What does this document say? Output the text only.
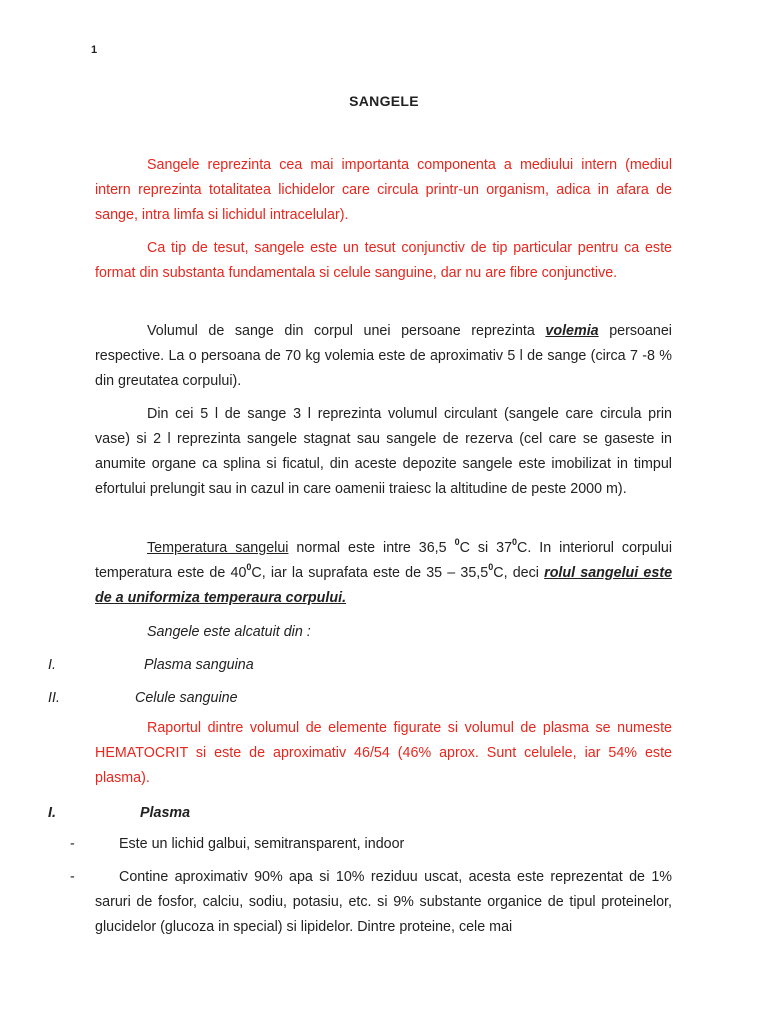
1
SANGELE

Sangele reprezinta cea mai importanta componenta a mediului intern (mediul intern reprezinta totalitatea lichidelor care circula printr-un organism, adica in afara de sange, intra limfa si lichidul intracelular).

Ca tip de tesut, sangele este un tesut conjunctiv de tip particular pentru ca este format din substanta fundamentala si celule sanguine, dar nu are fibre conjunctive.

Volumul de sange din corpul unei persoane reprezinta volemia persoanei respective. La o persoana de 70 kg volemia este de aproximativ 5 l de sange (circa 7 -8 % din greutatea corpului).

Din cei 5 l de sange 3 l reprezinta volumul circulant (sangele care circula prin vase) si 2 l reprezinta sangele stagnat sau sangele de rezerva (cel care se gaseste in anumite organe ca splina si ficatul, din aceste depozite sangele este imobilizat in timpul efortului prelungit sau in cazul in care oamenii traiesc la altitudine de peste 2000 m).

Temperatura sangelui normal este intre 36,5 $^0$C si $37^0C$. In interiorul corpului temperatura este de $40^0C$, iar la suprafata este de 35 – 35,5$^0$C, deci rolul sangelui este de a uniformiza temperaura corpului.

Sangele este alcatuit din :
I.	Plasma sanguina
II.	Celule sanguine

Raportul dintre volumul de elemente figurate si volumul de plasma se numeste HEMATOCRIT si este de aproximativ 46/54 (46% aprox. Sunt celulele, iar 54% este plasma).

I.	Plasma
-	Este un lichid galbui, semitransparent, indoor
-	Contine aproximativ 90% apa si 10% reziduu uscat, acesta este reprezentat de 1% saruri de fosfor, calciu, sodiu, potasiu, etc. si 9% substante organice de tipul proteinelor, glucidelor (glucoza in special) si lipidelor. Dintre proteine, cele mai
